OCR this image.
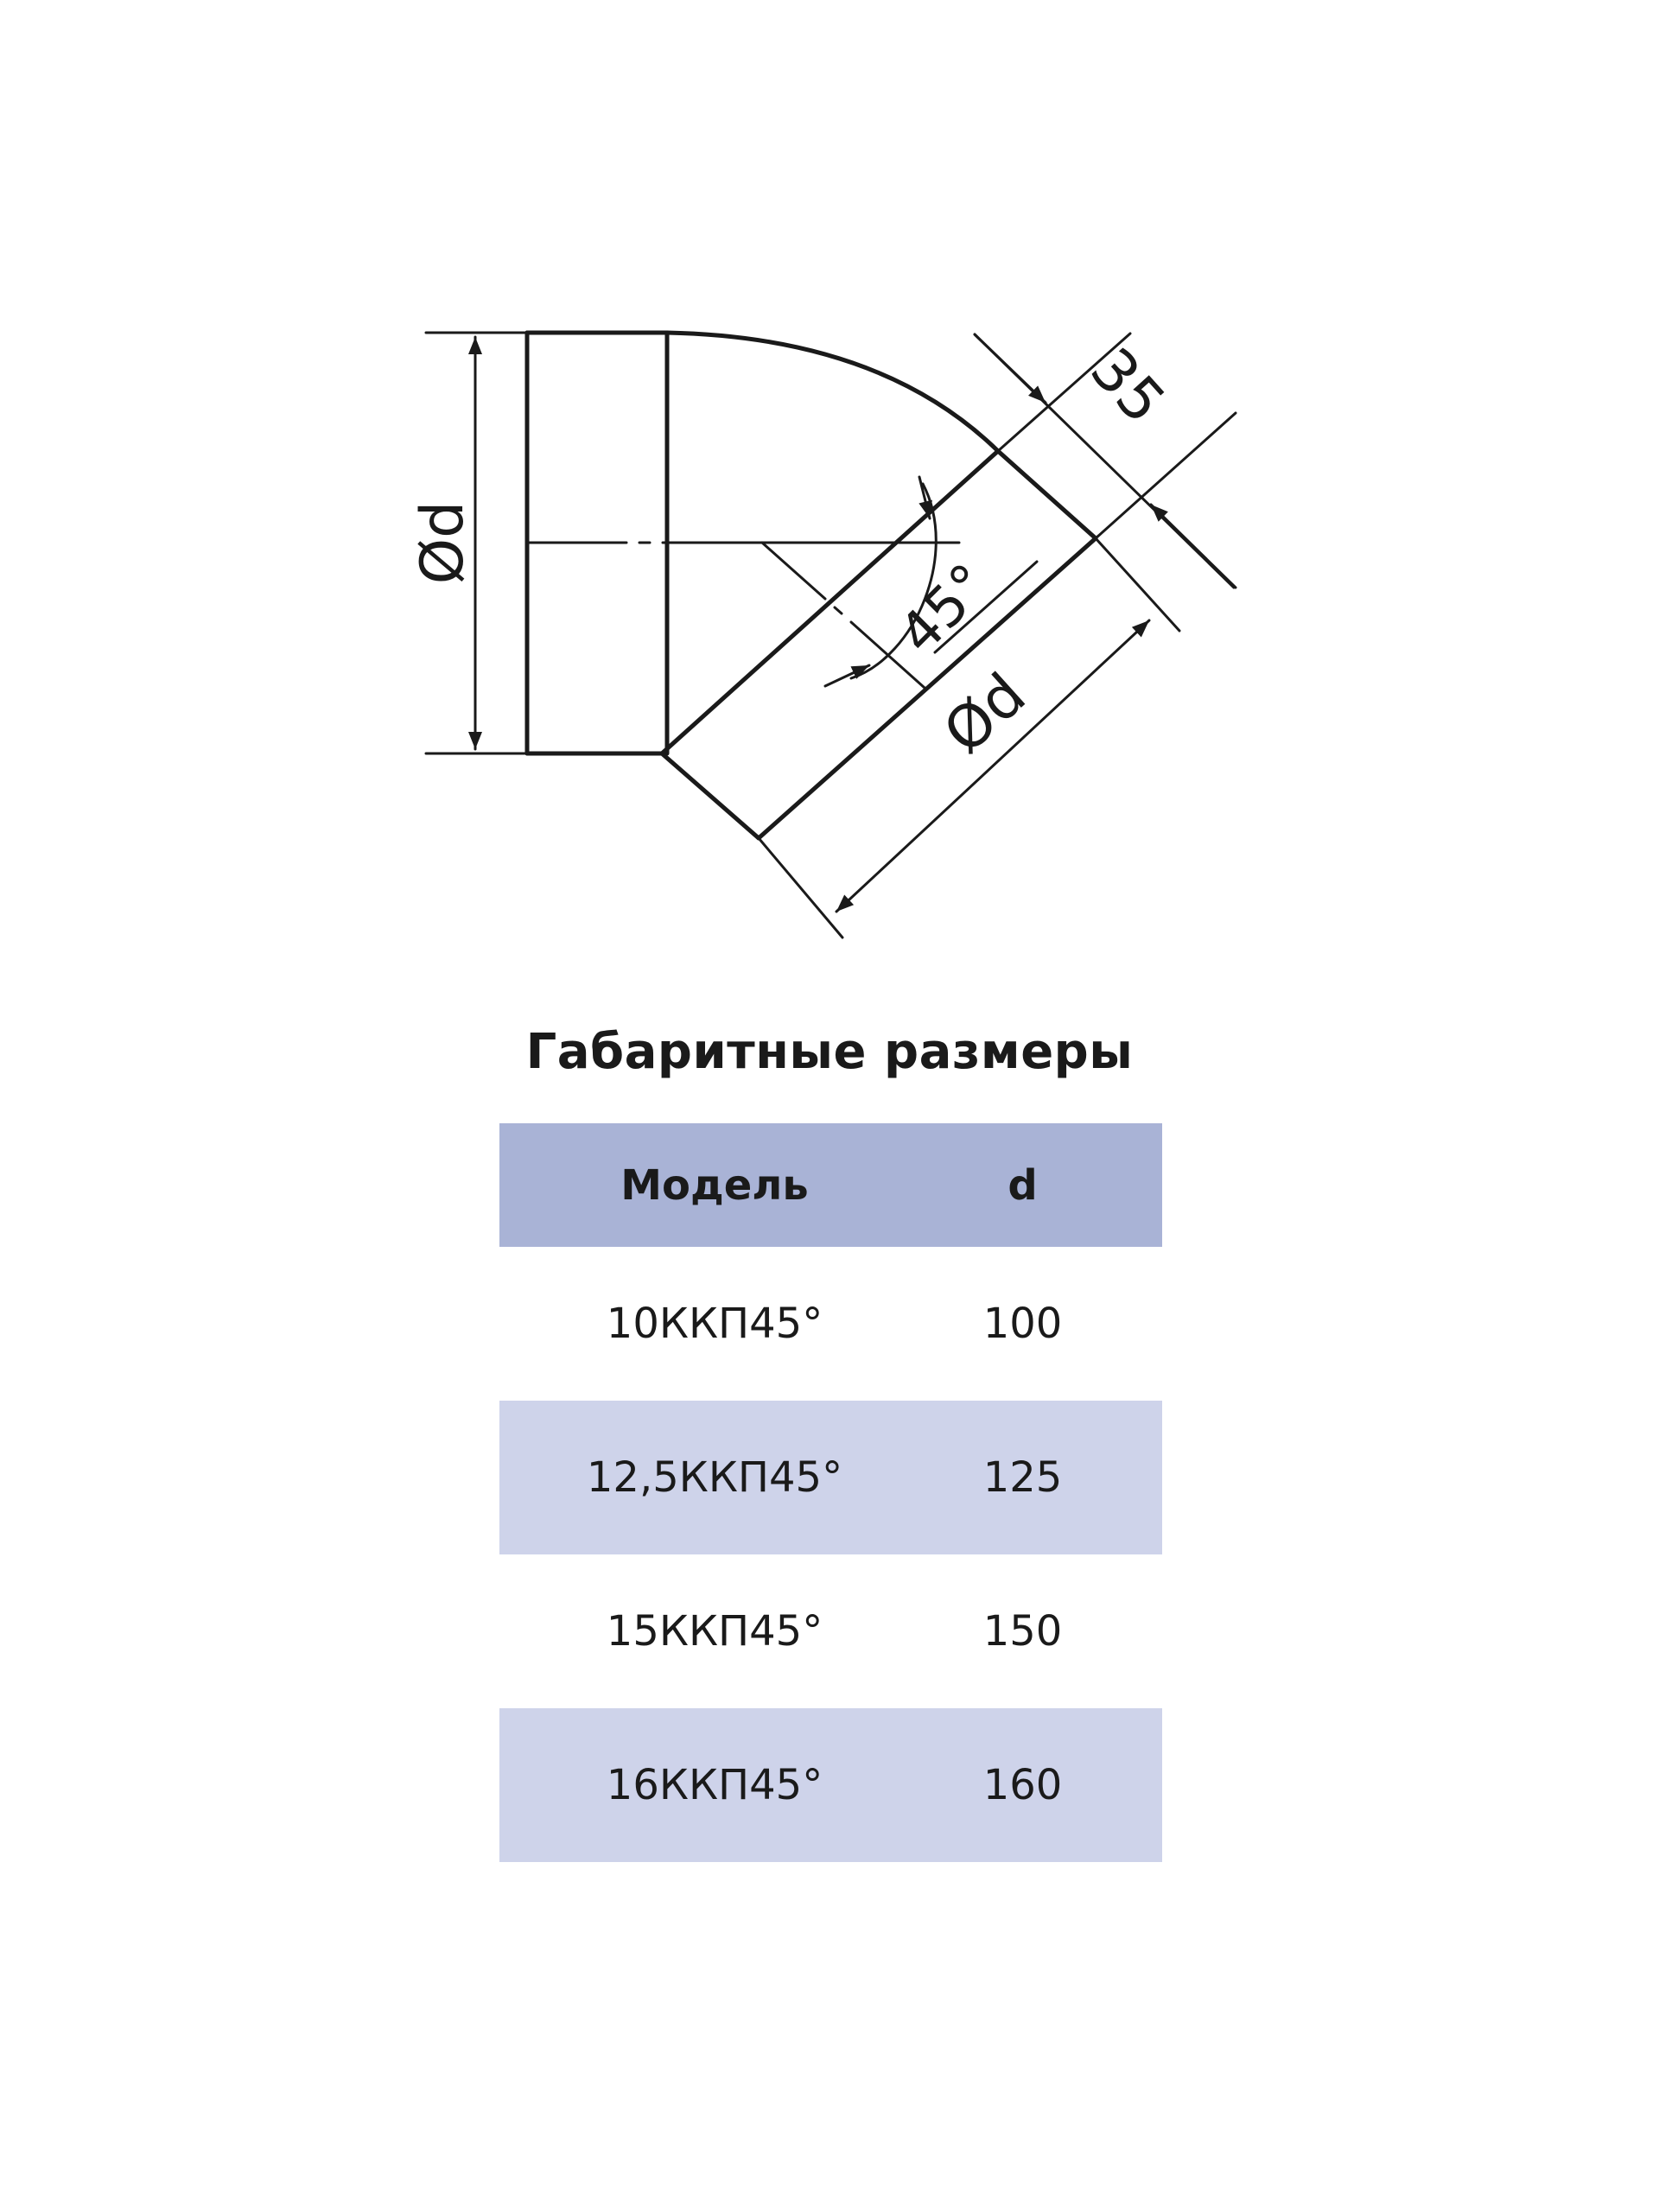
Ød
Ød
35
45°
Габаритные размеры
Модель	d
10ККП45°	100
12,5ККП45°	125
15ККП45°	150
16ККП45°	160
